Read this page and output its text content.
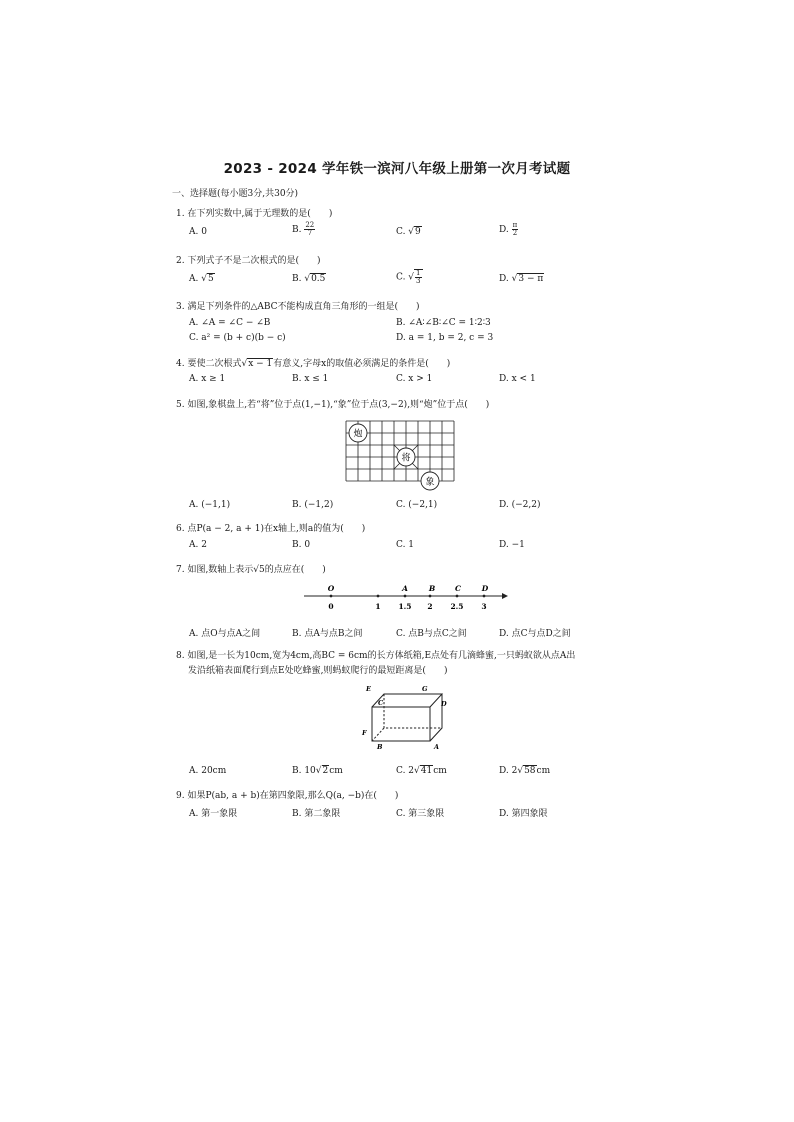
2023 - 2024 学年铁一滨河八年级上册第一次月考试题
一、选择题(每小题3分,共30分)
1. 在下列实数中,属于无理数的是(　　)
A. 0	B. $\frac{22}{7}$	C. √9	D. $\frac{\pi}{2}$
2. 下列式子不是二次根式的是(　　)
A. √5	B. √0.5	C. √ $\frac{1}{3}$	D. √3 − π
3. 满足下列条件的△ABC不能构成直角三角形的一组是(　　)
A. ∠A = ∠C − ∠B	B. ∠A∶∠B∶∠C = 1∶2∶3
C. a² = (b + c)(b − c)	D. a = 1, b = 2, c = 3
4. 要使二次根式√x − 1有意义,字母x的取值必须满足的条件是(　　)
A. x ≥ 1	B. x ≤ 1	C. x > 1	D. x < 1
5. 如图,象棋盘上,若“将”位于点(1,−1),“象”位于点(3,−2),则“炮”位于点(　　)
炮
将
象
A. (−1,1)	B. (−1,2)	C. (−2,1)	D. (−2,2)
6. 点P(a − 2, a + 1)在x轴上,则a的值为(　　)
A. 2	B. 0	C. 1	D. −1
7. 如图,数轴上表示√5的点应在(　　)
O	A	B	C	D
0	1 1.5 2 2.5 3
A. 点O与点A之间	B. 点A与点B之间	C. 点B与点C之间	D. 点C与点D之间
8. 如图,是一长为10cm,宽为4cm,高BC = 6cm的长方体纸箱,E点处有几滴蜂蜜,一只蚂蚁欲从点A出
发沿纸箱表面爬行到点E处吃蜂蜜,则蚂蚁爬行的最短距离是(　　)
E	G
C	D
F
B	A
A. 20cm	B. 10√2cm	C. 2√41cm	D. 2√58cm
9. 如果P(ab, a + b)在第四象限,那么Q(a, −b)在(　　)
A. 第一象限	B. 第二象限	C. 第三象限	D. 第四象限
